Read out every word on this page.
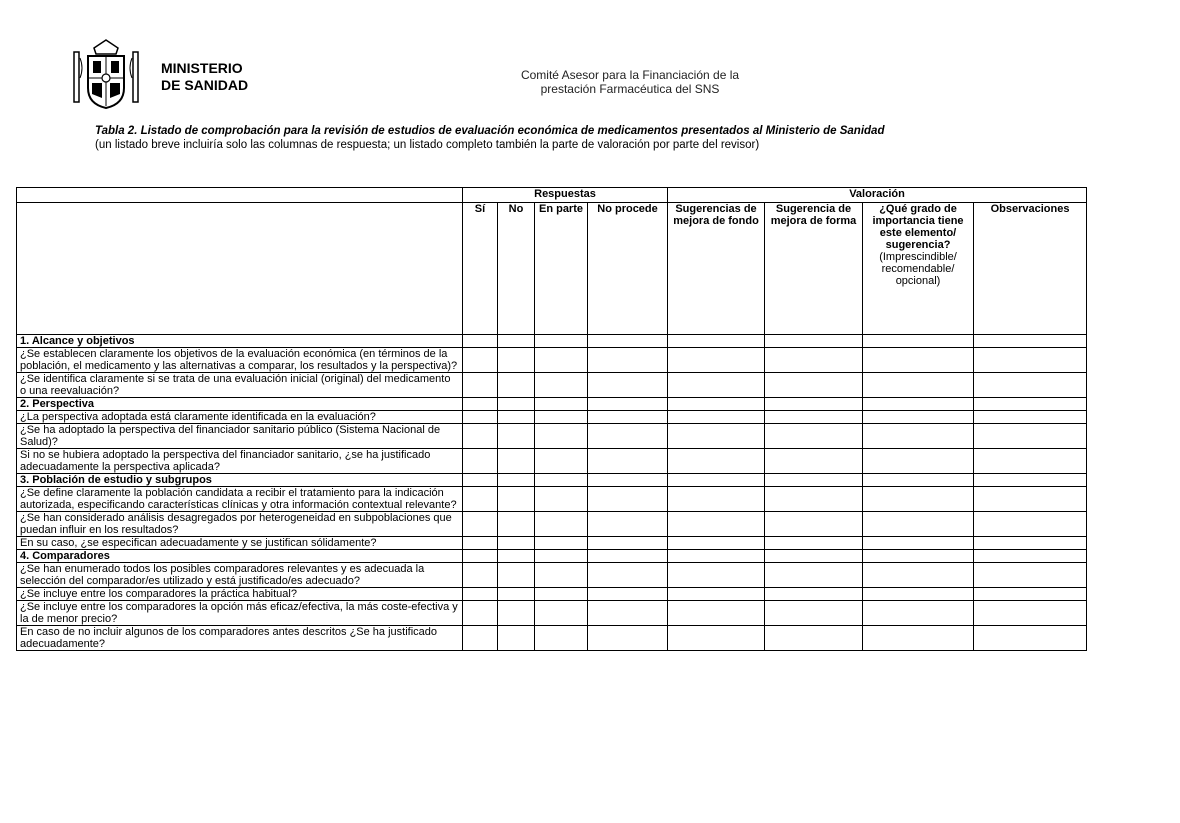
MINISTERIO
DE SANIDAD
Comité Asesor para la Financiación de la
prestación Farmacéutica del SNS
Tabla 2. Listado de comprobación para la revisión de estudios de evaluación económica de medicamentos presentados al Ministerio de Sanidad
(un listado breve incluiría solo las columnas de respuesta; un listado completo también la parte de valoración por parte del revisor)
	Respuestas				Valoración			
	Sí	No	En parte	No procede	Sugerencias de mejora de fondo	Sugerencia de mejora de forma	¿Qué grado de importancia tiene este elemento/ sugerencia?
(Imprescindible/ recomendable/ opcional)	Observaciones
1. Alcance y objetivos								
¿Se establecen claramente los objetivos de la evaluación económica (en términos de la población, el medicamento y las alternativas a comparar, los resultados y la perspectiva)?								
¿Se identifica claramente si se trata de una evaluación inicial (original) del medicamento o una reevaluación?								
2. Perspectiva								
¿La perspectiva adoptada está claramente identificada en la evaluación?								
¿Se ha adoptado la perspectiva del financiador sanitario público (Sistema Nacional de Salud)?								
Si no se hubiera adoptado la perspectiva del financiador sanitario, ¿se ha justificado adecuadamente la perspectiva aplicada?								
3. Población de estudio y subgrupos								
¿Se define claramente la población candidata a recibir el tratamiento para la indicación autorizada, especificando características clínicas y otra información contextual relevante?								
¿Se han considerado análisis desagregados por heterogeneidad en subpoblaciones que puedan influir en los resultados?								
En su caso, ¿se especifican adecuadamente y se justifican sólidamente?								
4. Comparadores								
¿Se han enumerado todos los posibles comparadores relevantes y es adecuada la selección del comparador/es utilizado y está justificado/es adecuado?								
¿Se incluye entre los comparadores la práctica habitual?								
¿Se incluye entre los comparadores la opción más eficaz/efectiva, la más coste-efectiva y la de menor precio?								
En caso de no incluir algunos de los comparadores antes descritos ¿Se ha justificado adecuadamente?								
